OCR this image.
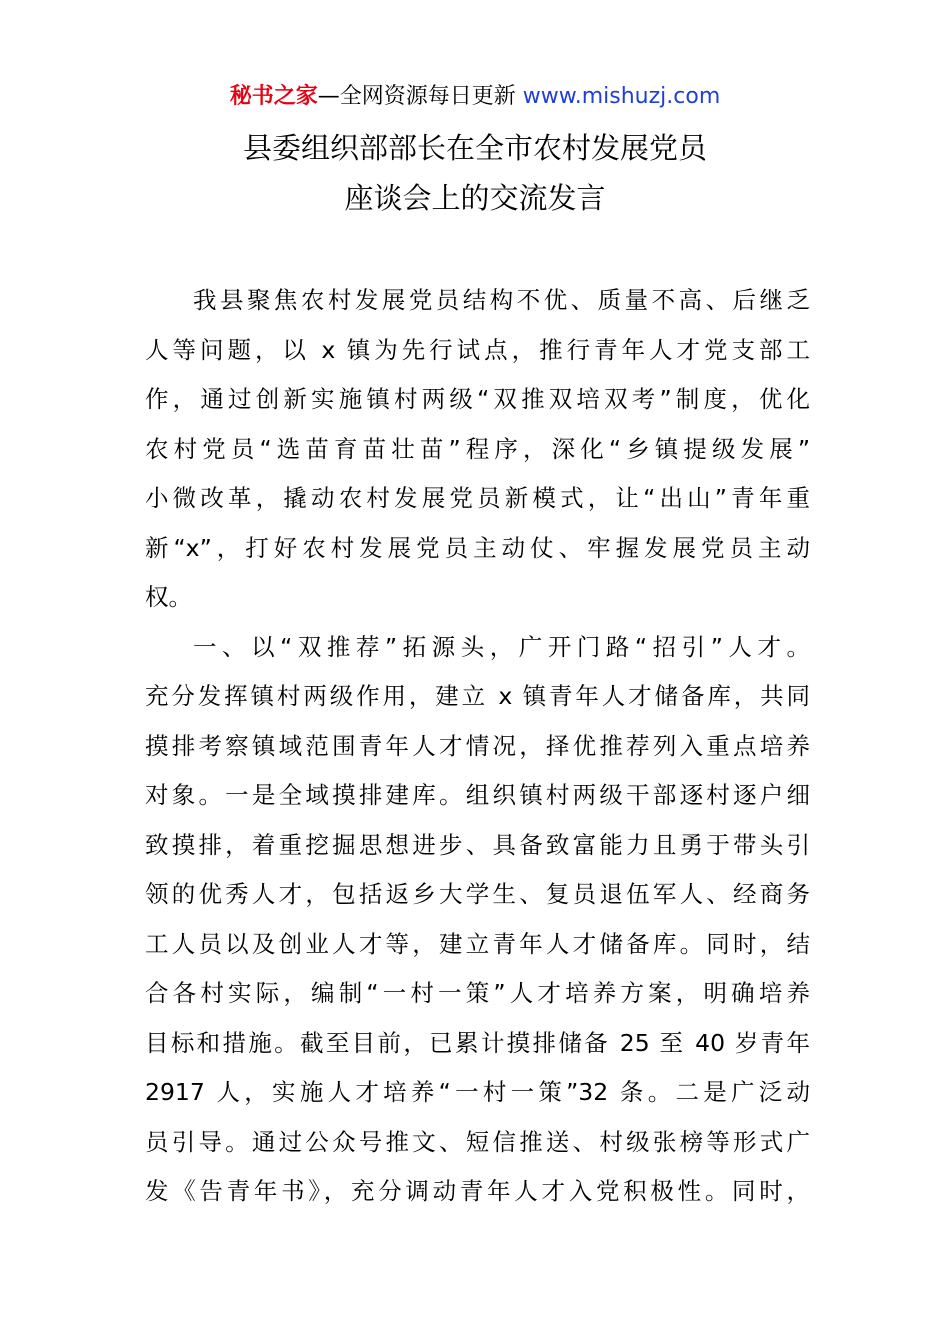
秘书之家—全网资源每日更新 www.mishuzj.com
县委组织部部长在全市农村发展党员
座谈会上的交流发言
我县聚焦农村发展党员结构不优、质量不高、后继乏
人等问题，以 x 镇为先行试点，推行青年人才党支部工
作，通过创新实施镇村两级“双推双培双考”制度，优化
农村党员“选苗育苗壮苗”程序，深化“乡镇提级发展”
小微改革，撬动农村发展党员新模式，让“出山”青年重
新“x”，打好农村发展党员主动仗、牢握发展党员主动
权。
一、以“双推荐”拓源头，广开门路“招引”人才。
充分发挥镇村两级作用，建立 x 镇青年人才储备库，共同
摸排考察镇域范围青年人才情况，择优推荐列入重点培养
对象。一是全域摸排建库。组织镇村两级干部逐村逐户细
致摸排，着重挖掘思想进步、具备致富能力且勇于带头引
领的优秀人才，包括返乡大学生、复员退伍军人、经商务
工人员以及创业人才等，建立青年人才储备库。同时，结
合各村实际，编制“一村一策”人才培养方案，明确培养
目标和措施。截至目前，已累计摸排储备 25 至 40 岁青年
2917 人，实施人才培养“一村一策”32 条。二是广泛动
员引导。通过公众号推文、短信推送、村级张榜等形式广
发《告青年书》，充分调动青年人才入党积极性。同时，
